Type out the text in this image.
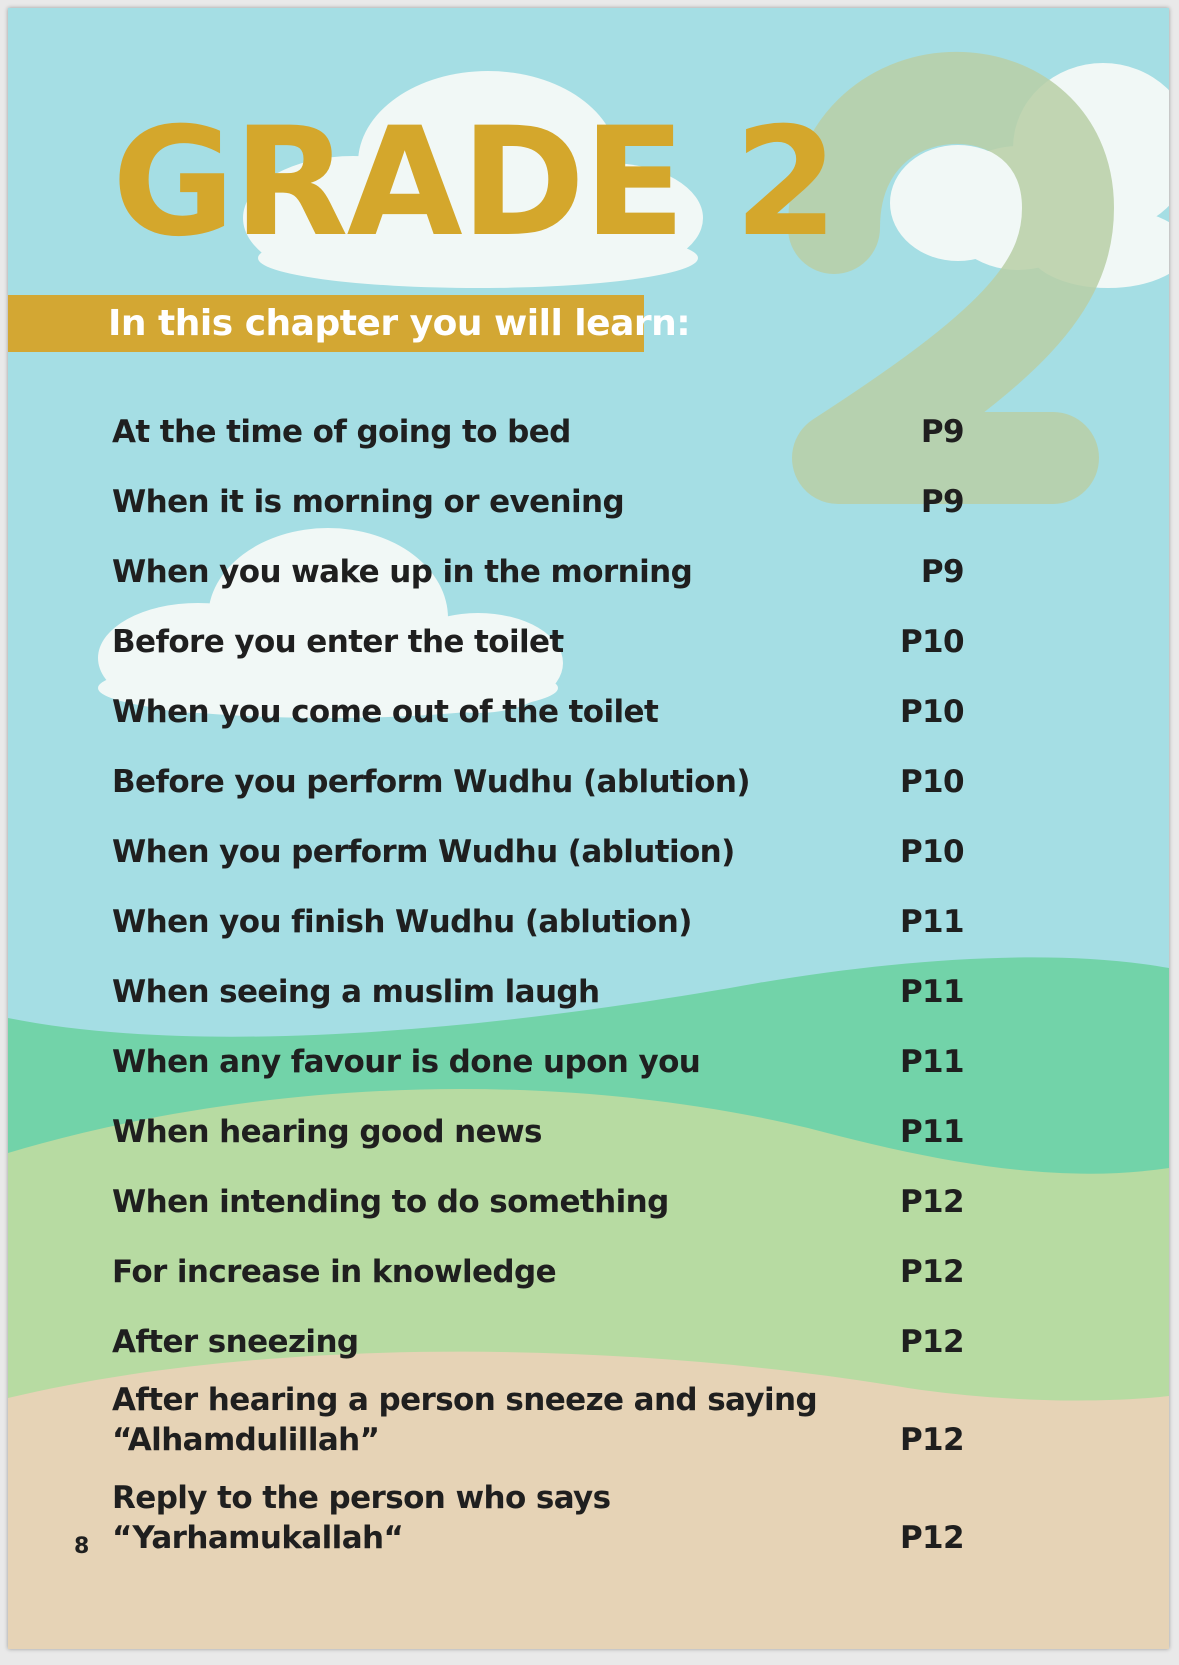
GRADE 2
In this chapter you will learn:
At the time of going to bed	P9
When it is morning or evening	P9
When you wake up in the morning	P9
Before you enter the toilet	P10
When you come out of the toilet	P10
Before you perform Wudhu (ablution)	P10
When you perform Wudhu (ablution)	P10
When you finish Wudhu (ablution)	P11
When seeing a muslim laugh	P11
When any favour is done upon you	P11
When hearing good news	P11
When intending to do something	P12
For increase in knowledge	P12
After sneezing	P12
After hearing a person sneeze and saying
“Alhamdulillah”	P12
Reply to the person who says “Yarhamukallah“	P12
8
